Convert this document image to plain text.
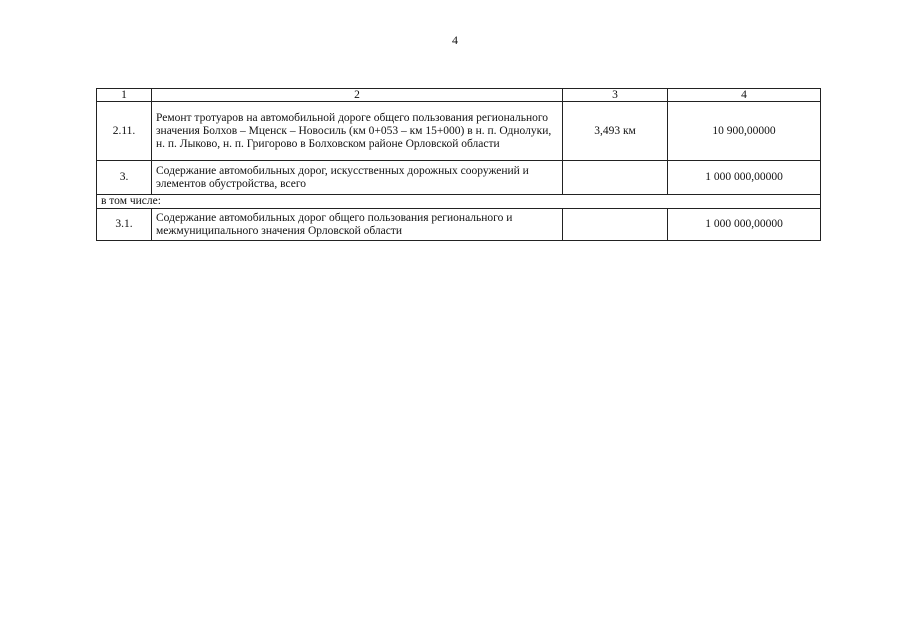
4
1	2	3	4
2.11.	Ремонт тротуаров на автомобильной дороге общего пользования регионального значения Болхов – Мценск – Новосиль (км 0+053 – км 15+000) в н. п. Однолуки, н. п. Лыково, н. п. Григорово в Болховском районе Орловской области	3,493 км	10 900,00000
3.	Содержание автомобильных дорог, искусственных дорожных сооружений и элементов обустройства, всего		1 000 000,00000
в том числе:			
3.1.	Содержание автомобильных дорог общего пользования регионального и межмуниципального значения Орловской области		1 000 000,00000
